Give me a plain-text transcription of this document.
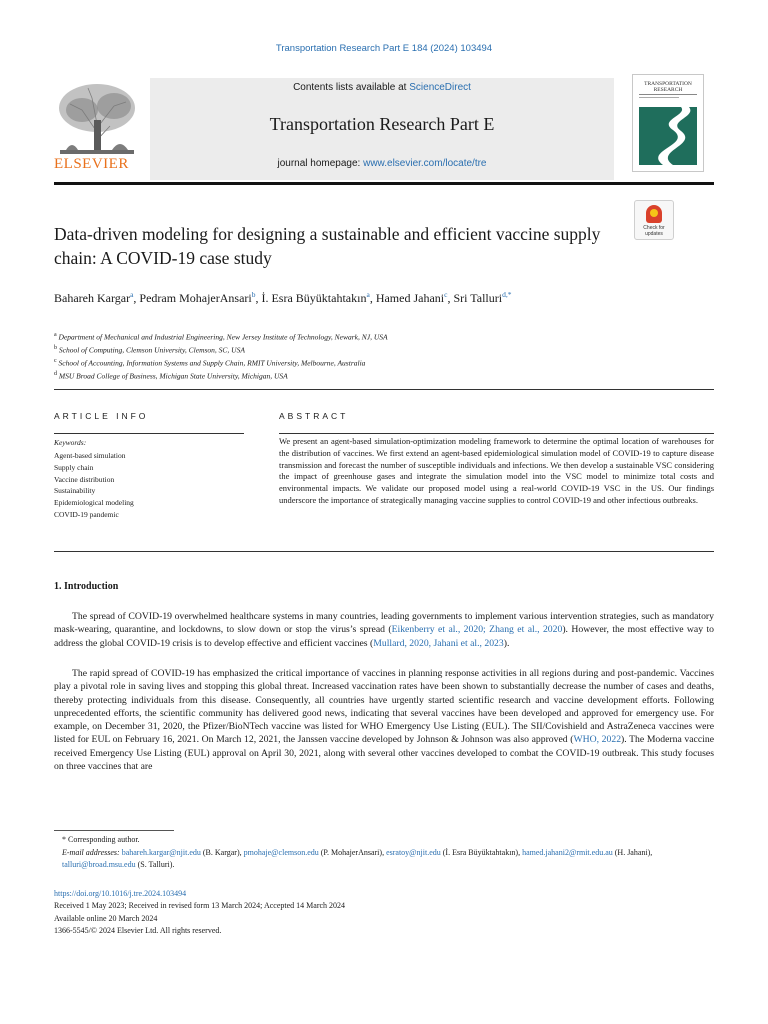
Transportation Research Part E 184 (2024) 103494
ELSEVIER
Contents lists available at ScienceDirect
Transportation Research Part E
journal homepage: www.elsevier.com/locate/tre
TRANSPORTATION
RESEARCH
Check for updates
Data-driven modeling for designing a sustainable and efficient vaccine supply chain: A COVID-19 case study
Bahareh Kargar$^a$, Pedram MohajerAnsari$^b$, İ. Esra Büyüktahtakın$^a$, Hamed Jahani$^c$, Sri Talluri$^{d,*}$
$^a$ Department of Mechanical and Industrial Engineering, New Jersey Institute of Technology, Newark, NJ, USA
$^b$ School of Computing, Clemson University, Clemson, SC, USA
$^c$ School of Accounting, Information Systems and Supply Chain, RMIT University, Melbourne, Australia
$^d$ MSU Broad College of Business, Michigan State University, Michigan, USA
ARTICLE INFO
Keywords:
Agent-based simulation
Supply chain
Vaccine distribution
Sustainability
Epidemiological modeling
COVID-19 pandemic
ABSTRACT

We present an agent-based simulation-optimization modeling framework to determine the optimal location of warehouses for the distribution of vaccines. We first extend an agent-based epidemiological simulation model of COVID-19 to capture disease transmission and forecast the number of susceptible individuals and infections. We then develop a sustainable VSC considering the impact of greenhouse gases and integrate the simulation model into the VSC model to minimize total costs and environmental impacts. We validate our proposed model using a real-world COVID-19 VSC in the US. Our findings underscore the importance of strategically managing vaccine supplies to control COVID-19 and other infectious outbreaks.

1. Introduction

The spread of COVID-19 overwhelmed healthcare systems in many countries, leading governments to implement various intervention strategies, such as mandatory mask-wearing, quarantine, and lockdowns, to slow down or stop the virus’s spread (Eikenberry et al., 2020; Zhang et al., 2020). However, the most effective way to address the global COVID-19 crisis is to develop effective and efficient vaccines (Mullard, 2020, Jahani et al., 2023).

The rapid spread of COVID-19 has emphasized the critical importance of vaccines in planning response activities in all regions during and post-pandemic. Vaccines play a pivotal role in saving lives and stopping this global threat. Increased vaccination rates have been shown to substantially decrease the number of cases and deaths, thereby protecting individuals from this disease. Consequently, all countries have urgently started scientific research and vaccine development efforts. Following unprecedented efforts, the scientific community has delivered good news, indicating that several vaccines have been developed and approved for emergency use. For example, on December 31, 2020, the Pfizer/BioNTech vaccine was listed for WHO Emergency Use Listing (EUL). The SII/Covishield and AstraZeneca vaccines were listed for EUL on February 16, 2021. On March 12, 2021, the Janssen vaccine developed by Johnson & Johnson was also approved (WHO, 2022). The Moderna vaccine received Emergency Use Listing (EUL) approval on April 30, 2021, along with several other vaccines developed to combat the COVID-19 outbreak. This study focuses on three vaccines that are

* Corresponding author.
E-mail addresses: bahareh.kargar@njit.edu (B. Kargar), pmohaje@clemson.edu (P. MohajerAnsari), esratoy@njit.edu (İ. Esra Büyüktahtakın), hamed.jahani2@rmit.edu.au (H. Jahani), talluri@broad.msu.edu (S. Talluri).
https://doi.org/10.1016/j.tre.2024.103494
Received 1 May 2023; Received in revised form 13 March 2024; Accepted 14 March 2024
Available online 20 March 2024
1366-5545/© 2024 Elsevier Ltd. All rights reserved.
